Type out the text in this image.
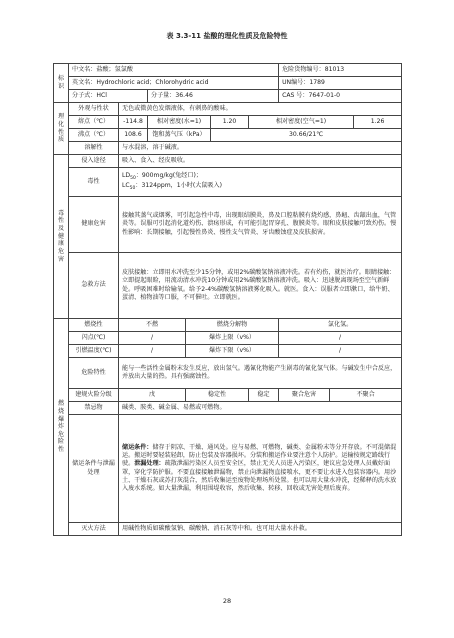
表 3.3-11 盐酸的理化性质及危险特性
标识	中文名：盐酸；氢氯酸						危险货物编号：81013		
	英文名：Hydrochloric acid；Chlorohydric acid						UN编号：1789		
	分子式：HCl		分子量：36.46				CAS 号：7647-01-0		

理化性质	外观与性状	无色或微黄色发烟液体，有刺鼻的酸味。							
	熔点（℃）	-114.8	相对密度(水=1)		1.20	相对密度(空气=1)			1.26
	沸点（℃）	108.6	饱和蒸气压（kPa）		30.66/21℃				
	溶解性	与水混溶，溶于碱液。							

毒性及健康危害	侵入途径	吸入、食入、经皮吸收。							
	毒性	$LD_{50}$：900mg/kg(兔经口)；
$LC_{50}$：3124ppm，1小时(大鼠吸入)							

	健康危害	接触其蒸气或烟雾，可引起急性中毒，出现眼结膜炎，鼻及口腔粘膜有烧灼感，鼻衄、齿龈出血，气管炎等。误服可引起消化道灼伤、溃疡形成，有可能引起胃穿孔、腹膜炎等。眼和皮肤接触可致灼伤。慢性影响：长期接触，引起慢性鼻炎、慢性支气管炎、牙齿酸蚀症及皮肤损害。							
	急救方法	皮肤接触：立即用水冲洗至少15分钟，或用2%碳酸氢钠溶液冲洗。若有灼伤，就医治疗。眼睛接触：立即提起眼睑，用流动清水冲洗10分钟或用2%碳酸氢钠溶液冲洗。吸入：迅速脱离现场至空气新鲜处。呼吸困难时给输氧。给予2-4%碳酸氢钠溶液雾化吸入。就医。食入：误服者立即漱口，给牛奶、蛋清、植物油等口服，不可催吐。立即就医。							

燃烧爆炸危险性	燃烧性	不燃		燃烧分解物			氯化氢。		
	闪点(℃)	/		爆炸上限（v%）			/		
	引燃温度(℃)	/		爆炸下限（v%）			/		
	危险特性	能与一些活性金属粉末发生反应，放出氢气。遇氰化物能产生剧毒的氰化氢气体。与碱发生中合反应，并放出大量的热。具有强腐蚀性。							
	建规火险分级	戊		稳定性		稳定	聚合危害	不聚合	
	禁忌物	碱类、胺类、碱金属、易燃或可燃物。							
	储运条件与泄漏处理	储运条件：储存于阴凉、干燥、通风处。应与易燃、可燃物，碱类、金属粉末等分开存放。不可混储混运。搬运时要轻装轻卸，防止包装及容器损坏。分装和搬运作业要注意个人防护。运输按规定路线行驶。泄漏处理：疏散泄漏污染区人员至安全区，禁止无关人员进入污染区，建议应急处理人员戴好面罩，穿化学防护服。不要直接接触泄漏物，禁止向泄漏物直接喷水，更不要让水进入包装容器内。用沙土、干燥石灰或苏打灰混合，然后收集运至废物处理场所处置。也可以用大量水冲洗，经稀释的洗水放入废水系统。如大量泄漏，利用围堤收容，然后收集、转移、回收或无害处理后废弃。							
	灭火方法	用碱性物质如碳酸氢钠、碳酸钠、消石灰等中和。也可用大量水扑救。							
28
